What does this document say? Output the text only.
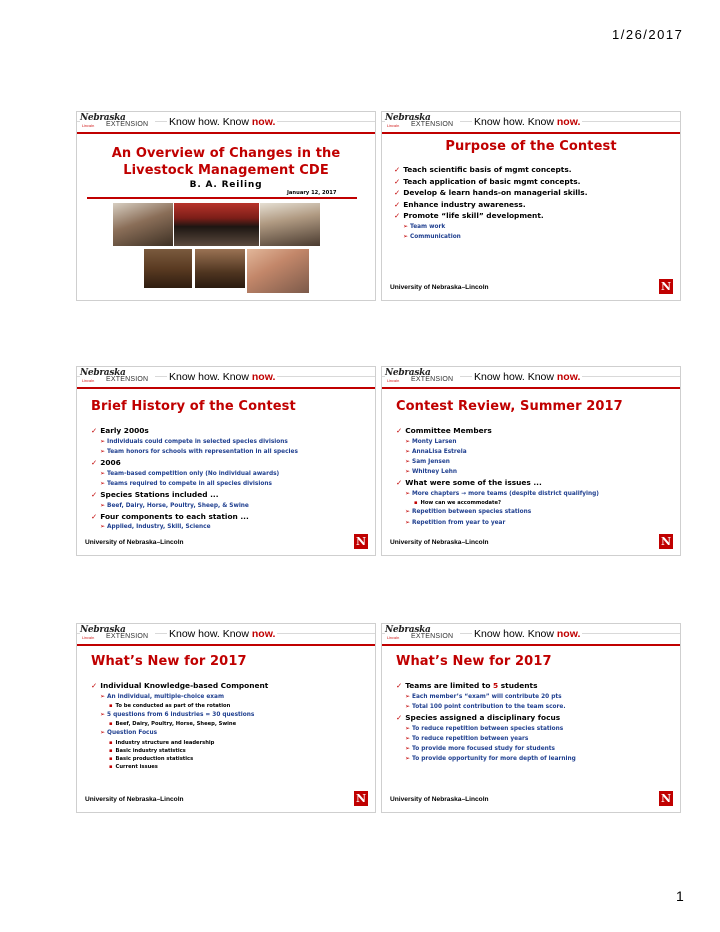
1/26/2017
Nebraska
Lincoln EXTENSION Know how. Know now.
An Overview of Changes in the
Livestock Management CDE
B. A. Reiling
January 12, 2017
Nebraska
Lincoln EXTENSION Know how. Know now.
Purpose of the Contest
✓ Teach scientific basis of mgmt concepts.
✓ Teach application of basic mgmt concepts.
✓ Develop & learn hands-on managerial skills.
✓ Enhance industry awareness.
✓ Promote “life skill” development.
➢ Team work
➢ Communication
University of Nebraska–Lincoln	N
Nebraska
Lincoln EXTENSION Know how. Know now.
Brief History of the Contest
✓ Early 2000s
➢ Individuals could compete in selected species divisions
➢ Team honors for schools with representation in all species
✓ 2006
➢ Team-based competition only (No individual awards)
➢ Teams required to compete in all species divisions
✓ Species Stations included ...
➢ Beef, Dairy, Horse, Poultry, Sheep, & Swine
✓ Four components to each station ...
➢ Applied, Industry, Skill, Science
University of Nebraska–Lincoln	N
Nebraska
Lincoln EXTENSION Know how. Know now.
Contest Review, Summer 2017
✓ Committee Members
➢ Monty Larsen
➢ AnnaLisa Estrela
➢ Sam Jensen
➢ Whitney Lehn
✓ What were some of the issues ...
➢ More chapters → more teams (despite district qualifying)
▪ How can we accommodate?
➢ Repetition between species stations
➢ Repetition from year to year
University of Nebraska–Lincoln	N
Nebraska
Lincoln EXTENSION Know how. Know now.
What’s New for 2017
✓ Individual Knowledge-based Component
➢ An individual, multiple-choice exam
▪ To be conducted as part of the rotation
➢ 5 questions from 6 industries = 30 questions
▪ Beef, Dairy, Poultry, Horse, Sheep, Swine
➢ Question Focus
▪ Industry structure and leadership
▪ Basic industry statistics
▪ Basic production statistics
▪ Current issues
University of Nebraska–Lincoln	N
Nebraska
Lincoln EXTENSION Know how. Know now.
What’s New for 2017
✓ Teams are limited to 5 students
➢ Each member’s “exam” will contribute 20 pts
➢ Total 100 point contribution to the team score.
✓ Species assigned a disciplinary focus
➢ To reduce repetition between species stations
➢ To reduce repetition between years
➢ To provide more focused study for students
➢ To provide opportunity for more depth of learning
University of Nebraska–Lincoln	N
1
